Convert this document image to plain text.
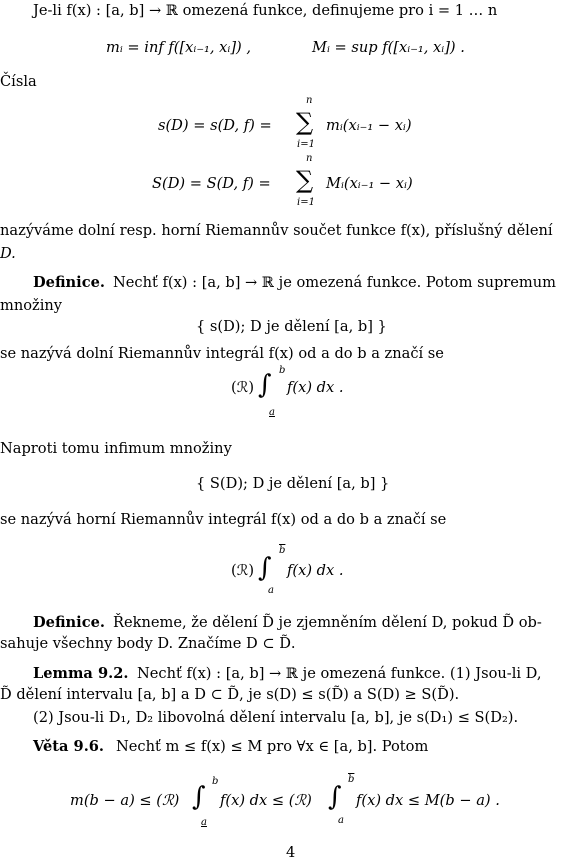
Je-li f(x) : [a, b] → ℝ omezená funkce, definujeme pro i = 1 … n
mᵢ = inf f([xᵢ₋₁, xᵢ]) ,	Mᵢ = sup f([xᵢ₋₁, xᵢ]) .
Čísla
s(D) = s(D, f) =
n
∑
i=1
mᵢ(xᵢ₋₁ − xᵢ)
S(D) = S(D, f) =
n
∑
i=1
Mᵢ(xᵢ₋₁ − xᵢ)
nazýváme dolní resp. horní Riemannův součet funkce f(x), příslušný dělení
D.
Definice. Nechť f(x) : [a, b] → ℝ je omezená funkce. Potom supremum
množiny
{ s(D); D je dělení [a, b] }
se nazývá dolní Riemannův integrál f(x) od a do b a značí se
(ℛ) ∫ b
a
f(x) dx .
Naproti tomu infimum množiny
{ S(D); D je dělení [a, b] }
se nazývá horní Riemannův integrál f(x) od a do b a značí se
(ℛ) ∫
$\overline{b}$
a
f(x) dx .
Definice. Řekneme, že dělení D̃ je zjemněním dělení D, pokud D̃ ob-
sahuje všechny body D. Značíme D ⊂ D̃.
Lemma 9.2. Nechť f(x) : [a, b] → ℝ je omezená funkce. (1) Jsou-li D,
D̃ dělení intervalu [a, b] a D ⊂ D̃, je s(D) ≤ s(D̃) a S(D) ≥ S(D̃).
(2) Jsou-li D₁, D₂ libovolná dělení intervalu [a, b], je s(D₁) ≤ S(D₂).
Věta 9.6. Nechť m ≤ f(x) ≤ M pro ∀x ∈ [a, b]. Potom
m(b − a) ≤ (ℛ) ∫
b
a
f(x) dx ≤ (ℛ) ∫
$\overline{b}$
a
f(x) dx ≤ M(b − a) .
4
